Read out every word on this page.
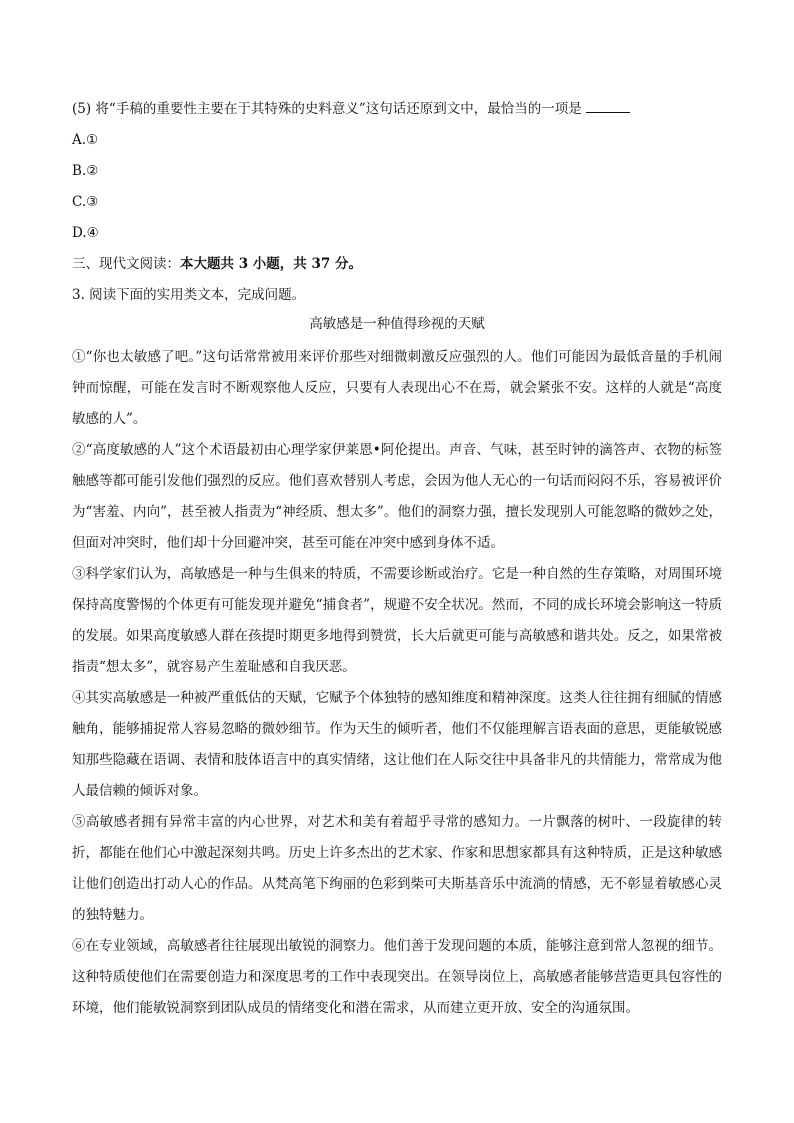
(5) 将“手稿的重要性主要在于其特殊的史料意义”这句话还原到文中，最恰当的一项是

A.①

B.②

C.③

D.④

三、现代文阅读：本大题共 3 小题，共 37 分。

3. 阅读下面的实用类文本，完成问题。

高敏感是一种值得珍视的天赋

①“你也太敏感了吧。”这句话常常被用来评价那些对细微刺激反应强烈的人。他们可能因为最低音量的手机闹钟而惊醒，可能在发言时不断观察他人反应，只要有人表现出心不在焉，就会紧张不安。这样的人就是“高度敏感的人”。

②“高度敏感的人”这个术语最初由心理学家伊莱恩•阿伦提出。声音、气味，甚至时钟的滴答声、衣物的标签触感等都可能引发他们强烈的反应。他们喜欢替别人考虑，会因为他人无心的一句话而闷闷不乐，容易被评价为“害羞、内向”，甚至被人指责为“神经质、想太多”。他们的洞察力强，擅长发现别人可能忽略的微妙之处，但面对冲突时，他们却十分回避冲突，甚至可能在冲突中感到身体不适。

③科学家们认为，高敏感是一种与生俱来的特质，不需要诊断或治疗。它是一种自然的生存策略，对周围环境保持高度警惕的个体更有可能发现并避免“捕食者”，规避不安全状况。然而，不同的成长环境会影响这一特质的发展。如果高度敏感人群在孩提时期更多地得到赞赏，长大后就更可能与高敏感和谐共处。反之，如果常被指责“想太多”，就容易产生羞耻感和自我厌恶。

④其实高敏感是一种被严重低估的天赋，它赋予个体独特的感知维度和精神深度。这类人往往拥有细腻的情感触角，能够捕捉常人容易忽略的微妙细节。作为天生的倾听者，他们不仅能理解言语表面的意思，更能敏锐感知那些隐藏在语调、表情和肢体语言中的真实情绪，这让他们在人际交往中具备非凡的共情能力，常常成为他人最信赖的倾诉对象。

⑤高敏感者拥有异常丰富的内心世界，对艺术和美有着超乎寻常的感知力。一片飘落的树叶、一段旋律的转折，都能在他们心中激起深刻共鸣。历史上许多杰出的艺术家、作家和思想家都具有这种特质，正是这种敏感让他们创造出打动人心的作品。从梵高笔下绚丽的色彩到柴可夫斯基音乐中流淌的情感，无不彰显着敏感心灵的独特魅力。

⑥在专业领域，高敏感者往往展现出敏锐的洞察力。他们善于发现问题的本质，能够注意到常人忽视的细节。这种特质使他们在需要创造力和深度思考的工作中表现突出。在领导岗位上，高敏感者能够营造更具包容性的环境，他们能敏锐洞察到团队成员的情绪变化和潜在需求，从而建立更开放、安全的沟通氛围。
